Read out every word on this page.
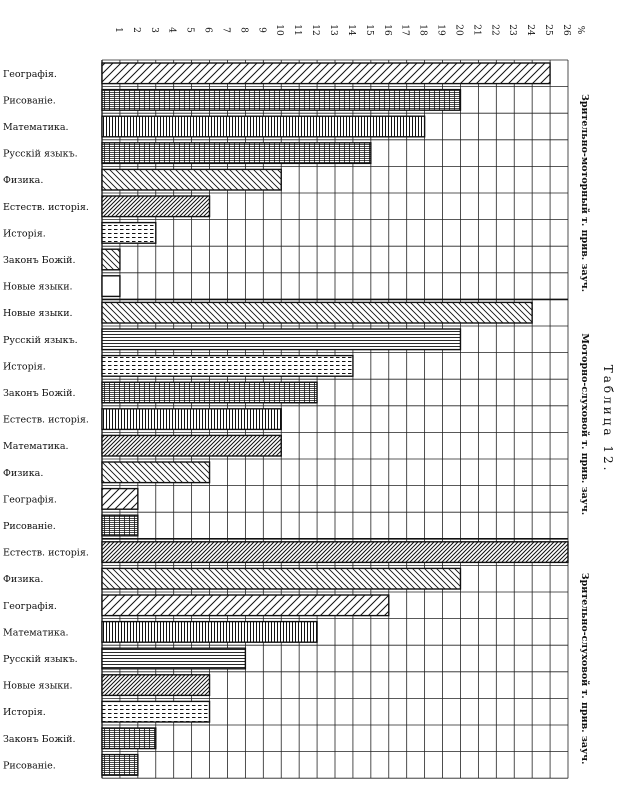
1 2 3 4 5 6 7 8 9 10 11 12 13 14 15 16 17 18 19 20 21 22 23 24 25 26 %
Географія.
Рисованіе.
Математика.
Русскій языкъ.
Физика.
Естеств. исторія.
Исторія.
Законъ Божій.
Новые языки.
Новые языки.
Русскій языкъ.
Исторія.
Законъ Божій.
Естеств. исторія.
Математика.
Физика.
Географія.
Рисованіе.
Естеств. исторія.
Физика.
Географія.
Математика.
Русскій языкъ.
Новые языки.
Исторія.
Законъ Божій.
Рисованіе.
Зрительно-моторный т. прив. зауч.
Моторно-слуховой т. прив. зауч.
Зрительно-слуховой т. прив. зауч.
Таблица 12.
